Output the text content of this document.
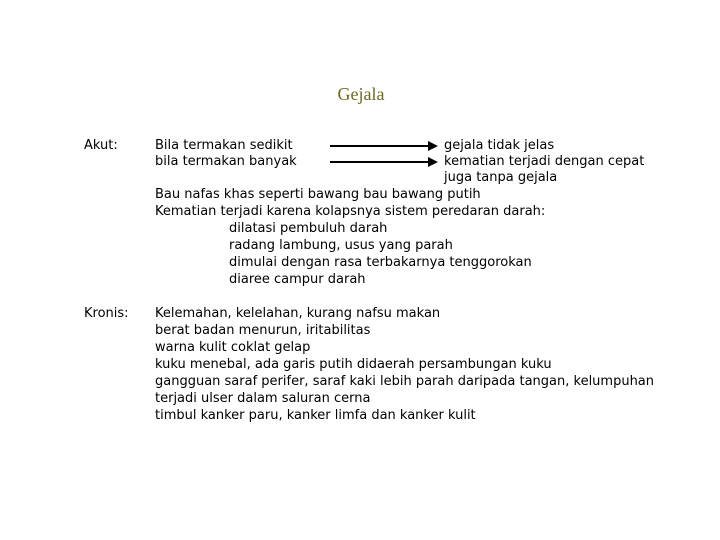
Gejala
Akut:	Bila termakan sedikit	gejala tidak jelas
bila termakan banyak	kematian terjadi dengan cepat
juga tanpa gejala
Bau nafas khas seperti bawang bau bawang putih
Kematian terjadi karena kolapsnya sistem peredaran darah:
dilatasi pembuluh darah
radang lambung, usus yang parah
dimulai dengan rasa terbakarnya tenggorokan
diaree campur darah
Kronis: Kelemahan, kelelahan, kurang nafsu makan
berat badan menurun, iritabilitas
warna kulit coklat gelap
kuku menebal, ada garis putih didaerah persambungan kuku
gangguan saraf perifer, saraf kaki lebih parah daripada tangan, kelumpuhan
terjadi ulser dalam saluran cerna
timbul kanker paru, kanker limfa dan kanker kulit
